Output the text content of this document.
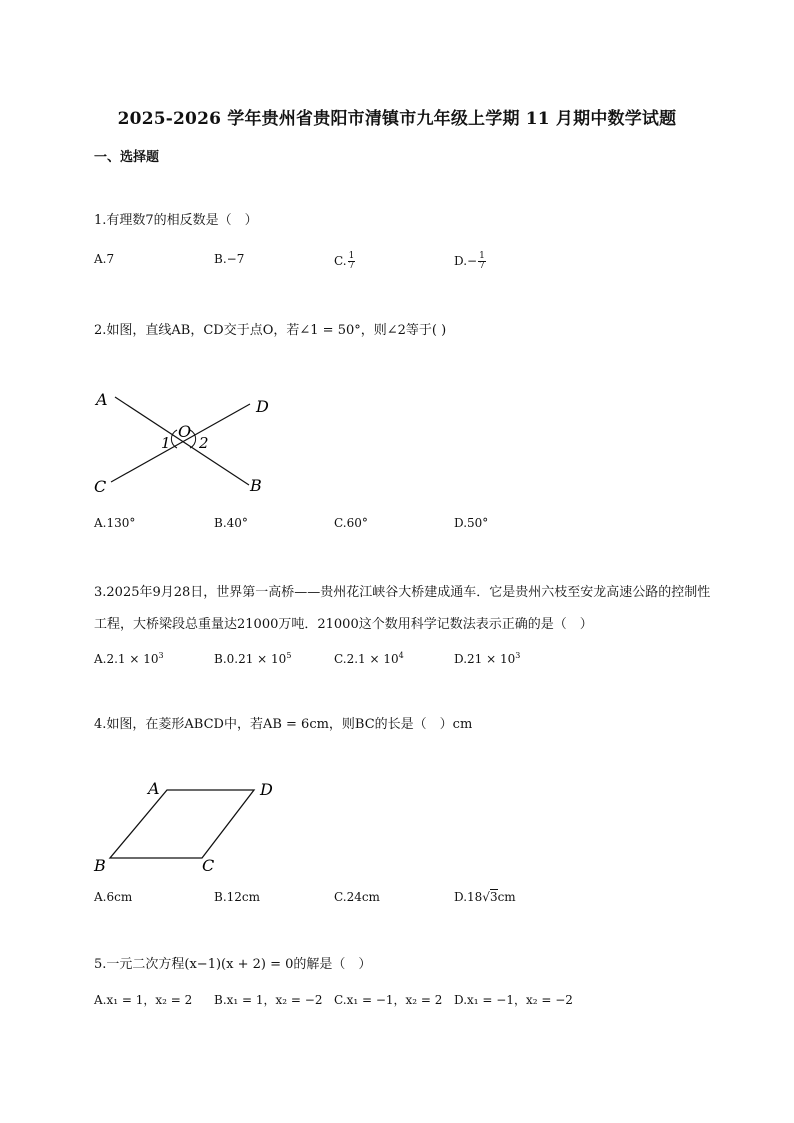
2025-2026 学年贵州省贵阳市清镇市九年级上学期 11 月期中数学试题
一、选择题
1.有理数7的相反数是（　）
A.7	B.−7	C. $\frac{1}{7}$	$D.- \frac{1}{7}$
2.如图，直线AB，CD交于点O，若∠1 = 50°，则∠2等于( )
A	D
O
1 2
C	B
A.130°	B.40°	C.60°	D.50°
3.2025年9月28日，世界第一高桥——贵州花江峡谷大桥建成通车．它是贵州六枝至安龙高速公路的控制性工程，大桥梁段总重量达21000万吨．21000这个数用科学记数法表示正确的是（　）
$A.2.1 \times 10^3$	$B.0.21 \times 10^5$	$C.2.1 \times 10^4$	$D.21 \times 10^3$
4.如图，在菱形ABCD中，若AB = 6cm，则BC的长是（　）cm
A	D
B	C
A.6cm	B.12cm	C.24cm	D.18√3cm
5.一元二次方程(x−1)(x + 2) = 0的解是（　）
A.x₁ = 1，x₂ = 2 B.x₁ = 1，x₂ = −2 C.x₁ = −1，x₂ = 2 D.x₁ = −1，x₂ = −2
